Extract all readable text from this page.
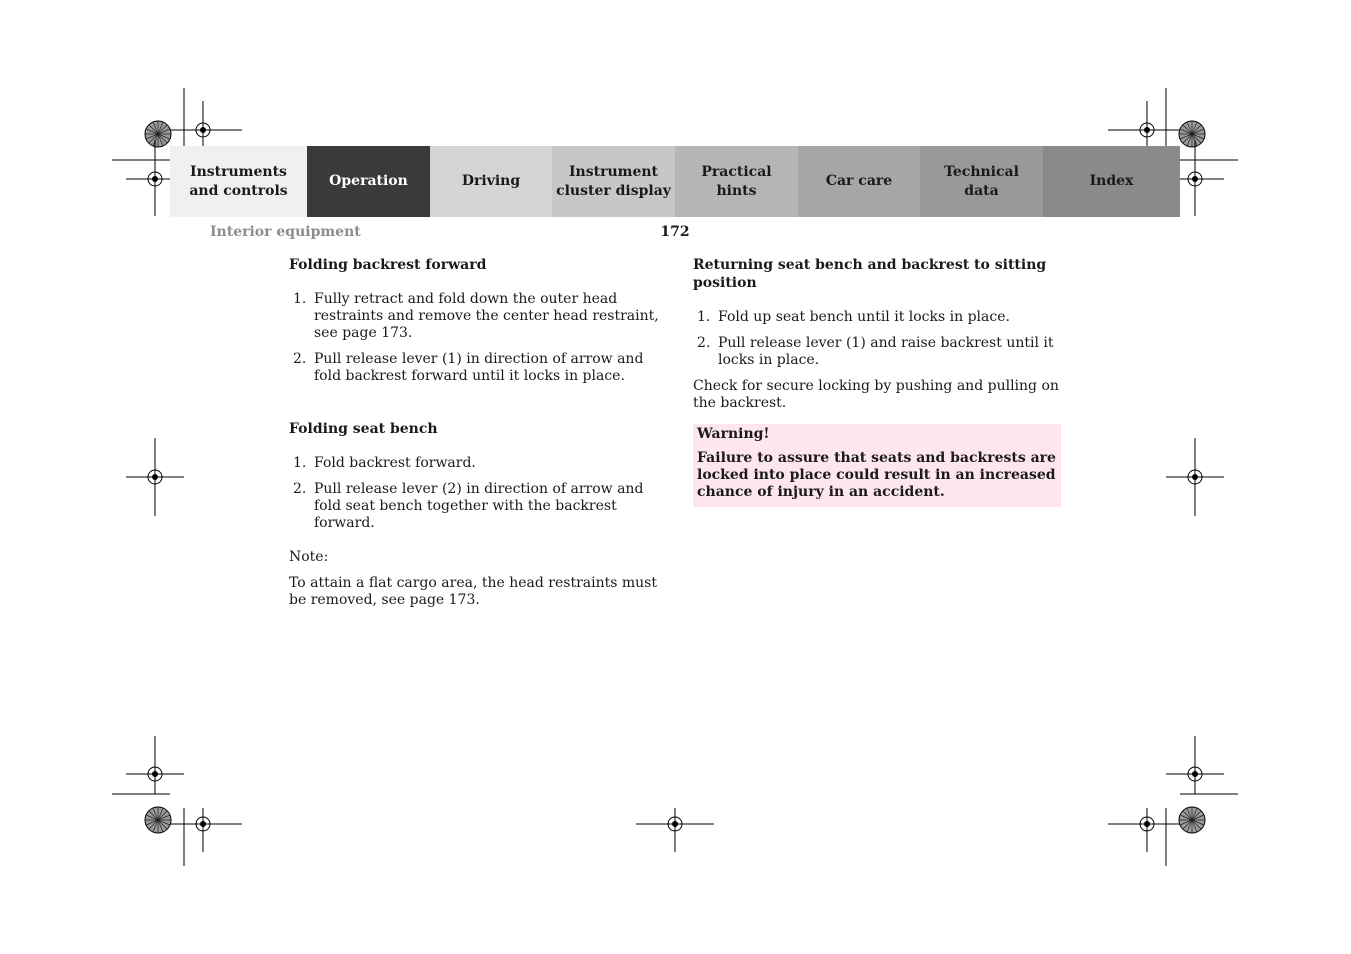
Instruments
and controls
Operation	Driving
Instrument
cluster display
Practical hints
Car care
Technical
data
Index
Interior equipment	172
Folding backrest forward
1. Fully retract and fold down the outer head restraints and remove the center head restraint, see page 173.
2. Pull release lever (1) in direction of arrow and fold backrest forward until it locks in place.
Folding seat bench
1. Fold backrest forward.
2. Pull release lever (2) in direction of arrow and fold seat bench together with the backrest forward.

Note:

To attain a flat cargo area, the head restraints must be removed, see page 173.

Returning seat bench and backrest to sitting position
1. Fold up seat bench until it locks in place.
2. Pull release lever (1) and raise backrest until it locks in place.

Check for secure locking by pushing and pulling on the backrest.

Warning!
Failure to assure that seats and backrests are locked into place could result in an increased chance of injury in an accident.
